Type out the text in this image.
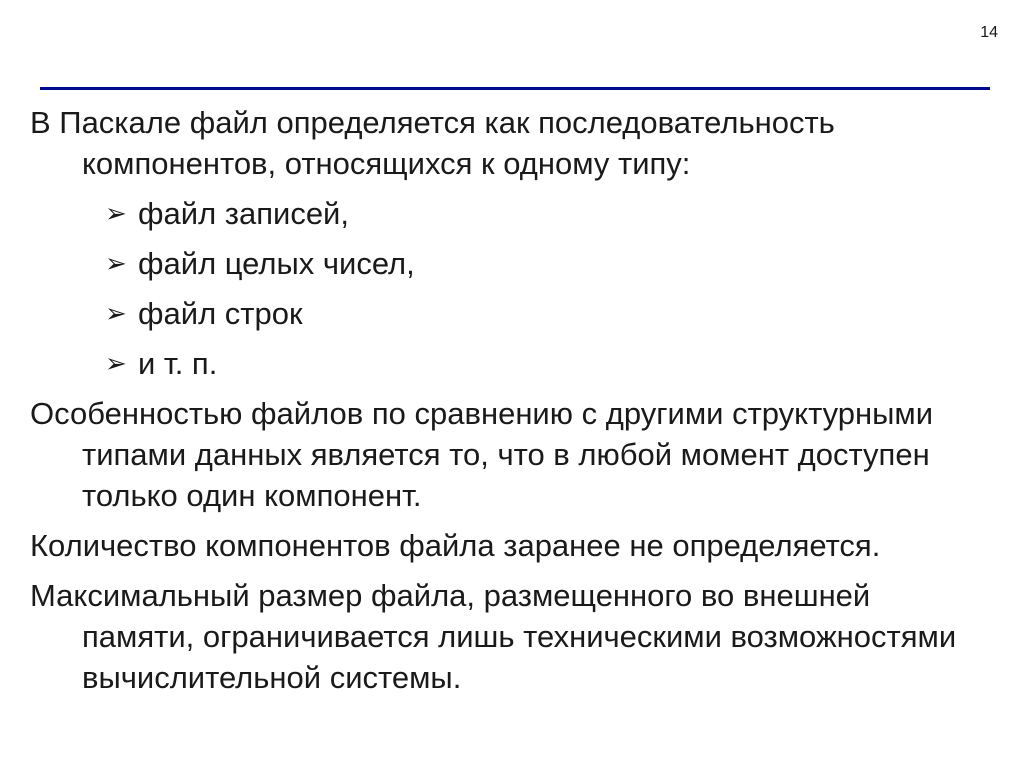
14

В Паскале файл определяется как последовательность компонентов, относящихся к одному типу:

➢ файл записей,
➢ файл целых чисел,
➢ файл строк
➢ и т. п.

Особенностью файлов по сравнению с другими структурными типами данных является то, что в любой момент доступен только один компонент.

Количество компонентов файла заранее не определяется.

Максимальный размер файла, размещенного во внешней памяти, ограничивается лишь техническими возможностями вычислительной системы.
